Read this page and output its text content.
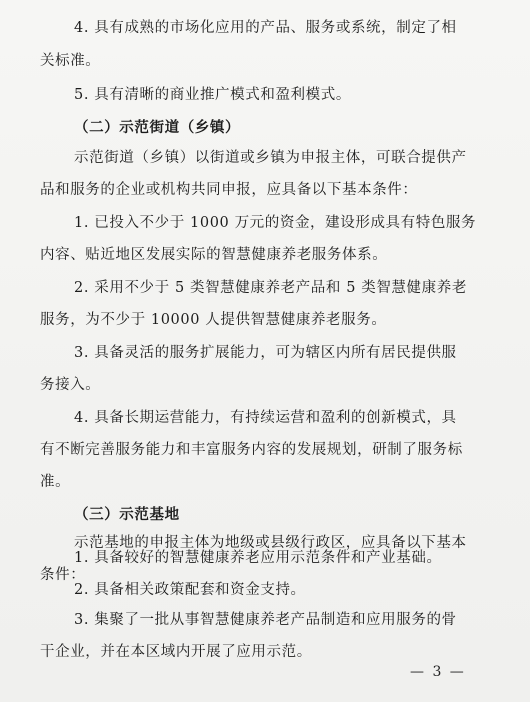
4. 具有成熟的市场化应用的产品、服务或系统，制定了相
关标准。
5. 具有清晰的商业推广模式和盈利模式。
（二）示范街道（乡镇）
示范街道（乡镇）以街道或乡镇为申报主体，可联合提供产
品和服务的企业或机构共同申报，应具备以下基本条件：
1. 已投入不少于 1000 万元的资金，建设形成具有特色服务
内容、贴近地区发展实际的智慧健康养老服务体系。
2. 采用不少于 5 类智慧健康养老产品和 5 类智慧健康养老
服务，为不少于 10000 人提供智慧健康养老服务。
3. 具备灵活的服务扩展能力，可为辖区内所有居民提供服
务接入。
4. 具备长期运营能力，有持续运营和盈利的创新模式，具
有不断完善服务能力和丰富服务内容的发展规划，研制了服务标
准。
（三）示范基地
示范基地的申报主体为地级或县级行政区，应具备以下基本
条件：
1. 具备较好的智慧健康养老应用示范条件和产业基础。
2. 具备相关政策配套和资金支持。
3. 集聚了一批从事智慧健康养老产品制造和应用服务的骨
干企业，并在本区域内开展了应用示范。
— 3 —
